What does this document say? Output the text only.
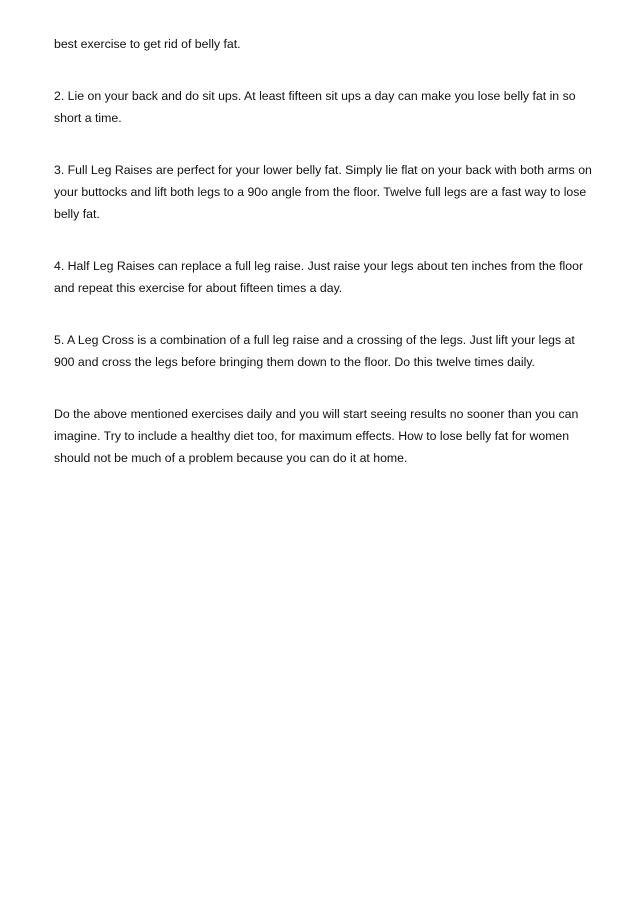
best exercise to get rid of belly fat.

2. Lie on your back and do sit ups. At least fifteen sit ups a day can make you lose belly fat in so short a time.

3. Full Leg Raises are perfect for your lower belly fat. Simply lie flat on your back with both arms on your buttocks and lift both legs to a 90o angle from the floor. Twelve full legs are a fast way to lose belly fat.

4. Half Leg Raises can replace a full leg raise. Just raise your legs about ten inches from the floor and repeat this exercise for about fifteen times a day.

5. A Leg Cross is a combination of a full leg raise and a crossing of the legs. Just lift your legs at 900 and cross the legs before bringing them down to the floor. Do this twelve times daily.

Do the above mentioned exercises daily and you will start seeing results no sooner than you can imagine. Try to include a healthy diet too, for maximum effects. How to lose belly fat for women should not be much of a problem because you can do it at home.
